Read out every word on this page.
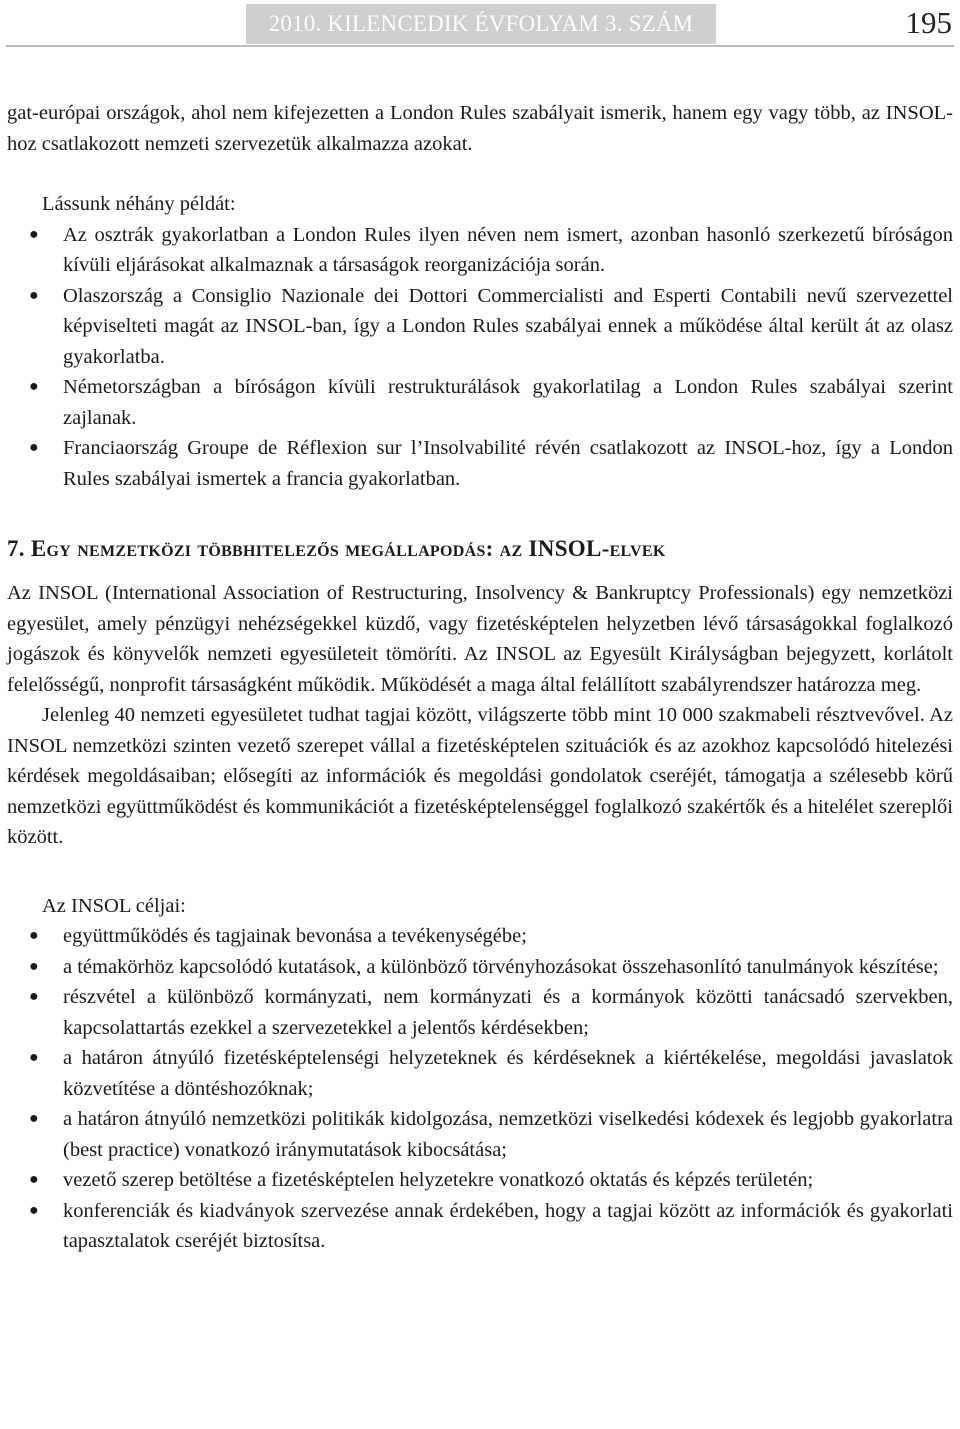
2010. KILENCEDIK ÉVFOLYAM 3. SZÁM	195

gat-európai országok, ahol nem kifejezetten a London Rules szabályait ismerik, hanem egy vagy több, az INSOL-hoz csatlakozott nemzeti szervezetük alkalmazza azokat.

Lássunk néhány példát:

● Az osztrák gyakorlatban a London Rules ilyen néven nem ismert, azonban hasonló szerkezetű bíróságon kívüli eljárásokat alkalmaznak a társaságok reorganizációja során.
● Olaszország a Consiglio Nazionale dei Dottori Commercialisti and Esperti Contabili nevű szervezettel képviselteti magát az INSOL-ban, így a London Rules szabályai ennek a működése által került át az olasz gyakorlatba.
● Németországban a bíróságon kívüli restrukturálások gyakorlatilag a London Rules szabályai szerint zajlanak.
● Franciaország Groupe de Réflexion sur l’Insolvabilité révén csatlakozott az INSOL-hoz, így a London Rules szabályai ismertek a francia gyakorlatban.
7. Egy nemzetközi többhitelezős megállapodás: az INSOL-elvek

Az INSOL (International Association of Restructuring, Insolvency & Bankruptcy Professionals) egy nemzetközi egyesület, amely pénzügyi nehézségekkel küzdő, vagy fizetésképtelen helyzetben lévő társaságokkal foglalkozó jogászok és könyvelők nemzeti egyesületeit tömöríti. Az INSOL az Egyesült Királyságban bejegyzett, korlátolt felelősségű, nonprofit társaságként működik. Működését a maga által felállított szabályrendszer határozza meg.

Jelenleg 40 nemzeti egyesületet tudhat tagjai között, világszerte több mint 10 000 szakmabeli résztvevővel. Az INSOL nemzetközi szinten vezető szerepet vállal a fizetésképtelen szituációk és az azokhoz kapcsolódó hitelezési kérdések megoldásaiban; elősegíti az információk és megoldási gondolatok cseréjét, támogatja a szélesebb körű nemzetközi együttműködést és kommunikációt a fizetésképtelenséggel foglalkozó szakértők és a hitelélet szereplői között.

Az INSOL céljai:

● együttműködés és tagjainak bevonása a tevékenységébe;
● a témakörhöz kapcsolódó kutatások, a különböző törvényhozásokat összehasonlító tanulmányok készítése;
● részvétel a különböző kormányzati, nem kormányzati és a kormányok közötti tanácsadó szervekben, kapcsolattartás ezekkel a szervezetekkel a jelentős kérdésekben;
● a határon átnyúló fizetésképtelenségi helyzeteknek és kérdéseknek a kiértékelése, megoldási javaslatok közvetítése a döntéshozóknak;
● a határon átnyúló nemzetközi politikák kidolgozása, nemzetközi viselkedési kódexek és legjobb gyakorlatra (best practice) vonatkozó iránymutatások kibocsátása;
● vezető szerep betöltése a fizetésképtelen helyzetekre vonatkozó oktatás és képzés területén;
● konferenciák és kiadványok szervezése annak érdekében, hogy a tagjai között az információk és gyakorlati tapasztalatok cseréjét biztosítsa.
